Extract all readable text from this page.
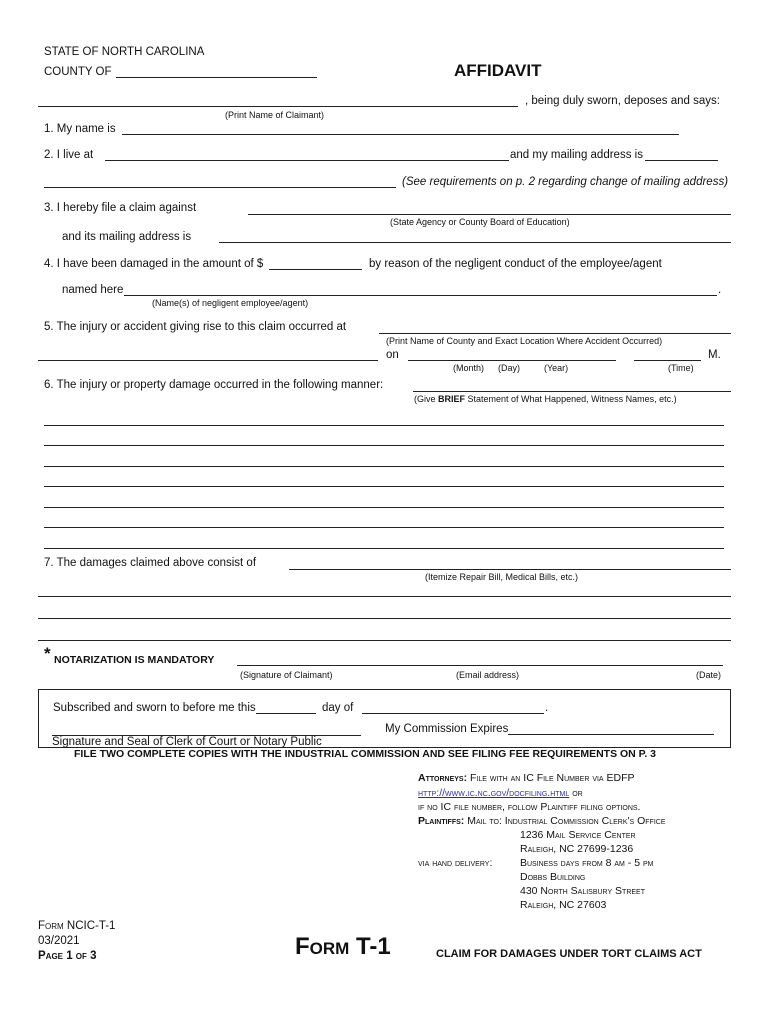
STATE OF NORTH CAROLINA
COUNTY OF	AFFIDAVIT
, being duly sworn, deposes and says:
(Print Name of Claimant)
1. My name is
2. I live at	and my mailing address is
(See requirements on p. 2 regarding change of mailing address)
3. I hereby file a claim against
(State Agency or County Board of Education)
and its mailing address is
4. I have been damaged in the amount of $	by reason of the negligent conduct of the employee/agent
named here	.
(Name(s) of negligent employee/agent)
5. The injury or accident giving rise to this claim occurred at
(Print Name of County and Exact Location Where Accident Occurred)
on	M.
(Month) (Day)	(Year)	(Time)
6. The injury or property damage occurred in the following manner:
(Give BRIEF Statement of What Happened, Witness Names, etc.)
7. The damages claimed above consist of
(Itemize Repair Bill, Medical Bills, etc.)
* NOTARIZATION IS MANDATORY
(Signature of Claimant)	(Email address)	(Date)
Subscribed and sworn to before me this	day of	.
My Commission Expires
Signature and Seal of Clerk of Court or Notary Public
FILE TWO COMPLETE COPIES WITH THE INDUSTRIAL COMMISSION AND SEE FILING FEE REQUIREMENTS ON P. 3
Attorneys: File with an IC File Number via EDFP
http://www.ic.nc.gov/docfiling.html or
if no IC file number, follow Plaintiff filing options.
Plaintiffs: Mail to: Industrial Commission Clerk's Office
1236 Mail Service Center
Raleigh, NC 27699-1236
via hand delivery:	Business days from 8 am - 5 pm
Dobbs Building
430 North Salisbury Street
Raleigh, NC 27603
Form NCIC-T-1
03/2021
Page 1 of 3	Form T-1	CLAIM FOR DAMAGES UNDER TORT CLAIMS ACT
